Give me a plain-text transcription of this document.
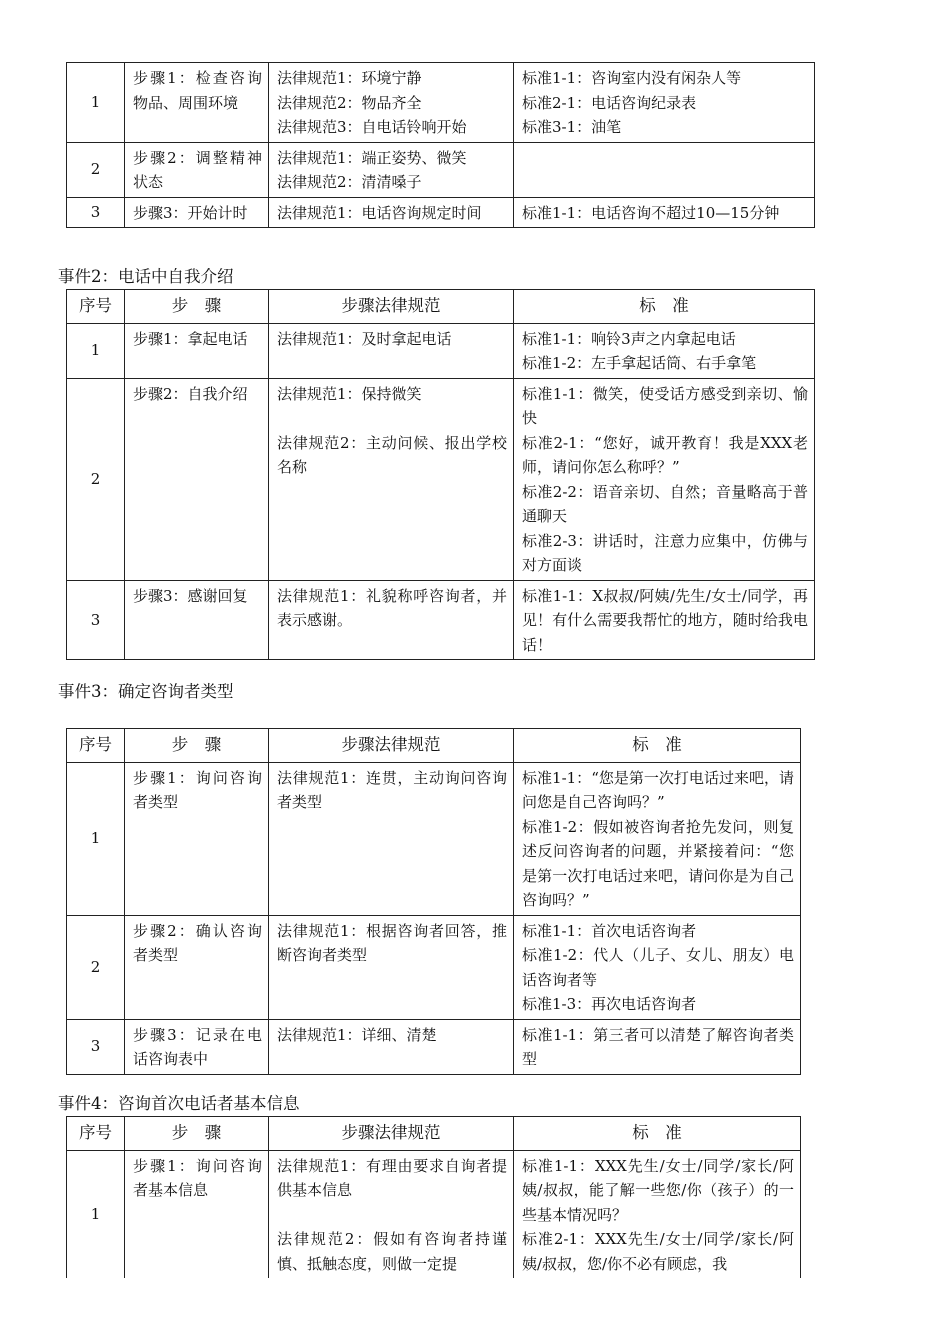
1	步骤1：检查咨询物品、周围环境	法律规范1：环境宁静
法律规范2：物品齐全
法律规范3：自电话铃响开始	标准1-1：咨询室内没有闲杂人等
标准2-1：电话咨询纪录表
标准3-1：油笔

2	步骤2：调整精神状态	法律规范1：端正姿势、微笑
法律规范2：清清嗓子	

3	步骤3：开始计时	法律规范1：电话咨询规定时间	标准1-1：电话咨询不超过10—15分钟
事件2：电话中自我介绍
序号	步　骤	步骤法律规范	标　准
1	步骤1：拿起电话	法律规范1：及时拿起电话	标准1-1：响铃3声之内拿起电话
标准1-2：左手拿起话筒、右手拿笔

2	步骤2：自我介绍	法律规范1：保持微笑
法律规范2：主动问候、报出学校名称	标准1-1：微笑，使受话方感受到亲切、愉快
标准2-1：“您好，诚开教育！我是XXX老师，请问你怎么称呼？”
标准2-2：语音亲切、自然；音量略高于普通聊天
标准2-3：讲话时，注意力应集中，仿佛与对方面谈

3	步骤3：感谢回复	法律规范1：礼貌称呼咨询者，并表示感谢。	标准1-1：X叔叔/阿姨/先生/女士/同学，再见！有什么需要我帮忙的地方，随时给我电话！
事件3：确定咨询者类型
序号	步　骤	步骤法律规范	标　准
1	步骤1：询问咨询者类型	法律规范1：连贯，主动询问咨询者类型	标准1-1：“您是第一次打电话过来吧，请问您是自己咨询吗？”
标准1-2：假如被咨询者抢先发问，则复述反问咨询者的问题，并紧接着问：“您是第一次打电话过来吧，请问你是为自己咨询吗？”

2	步骤2：确认咨询者类型	法律规范1：根据咨询者回答，推断咨询者类型	标准1-1：首次电话咨询者
标准1-2：代人（儿子、女儿、朋友）电话咨询者等
标准1-3：再次电话咨询者

3	步骤3：记录在电话咨询表中	法律规范1：详细、清楚	标准1-1：第三者可以清楚了解咨询者类型
事件4：咨询首次电话者基本信息
序号	步　骤	步骤法律规范	标　准
1	步骤1：询问咨询者基本信息	法律规范1：有理由要求自询者提供基本信息
法律规范2：假如有咨询者持谨慎、抵触态度，则做一定提	标准1-1：XXX先生/女士/同学/家长/阿姨/叔叔，能了解一些您/你（孩子）的一些基本情况吗？
标准2-1：XXX先生/女士/同学/家长/阿姨/叔叔，您/你不必有顾虑，我
